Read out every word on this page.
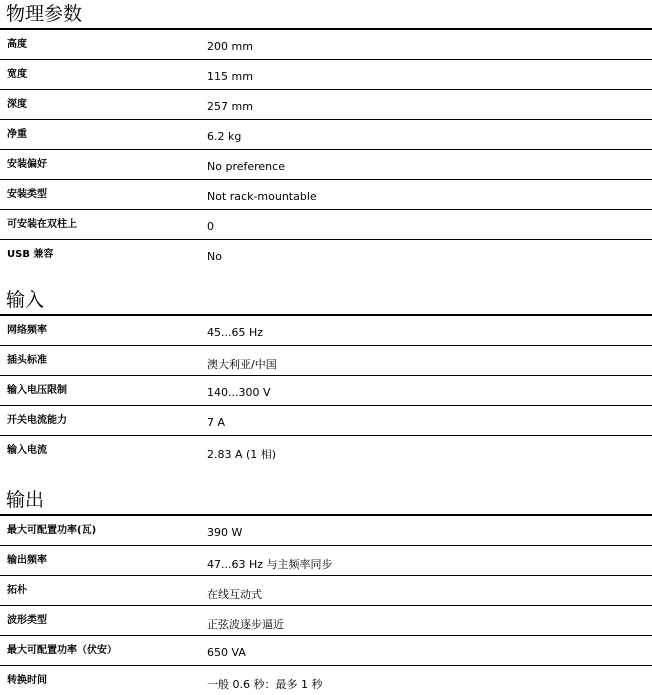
物理参数
高度	200 mm
宽度	115 mm
深度	257 mm
净重	6.2 kg
安装偏好	No preference
安装类型	Not rack-mountable
可安装在双柱上	0
USB 兼容	No
输入
网络频率	45...65 Hz
插头标准	澳大利亚/中国
输入电压限制	140...300 V
开关电流能力	7 A
输入电流	2.83 A (1 相)
输出
最大可配置功率(瓦)	390 W
输出频率	47...63 Hz 与主频率同步
拓朴	在线互动式
波形类型	正弦波逐步逼近
最大可配置功率（伏安）	650 VA
转换时间	一般 0.6 秒：最多 1 秒
